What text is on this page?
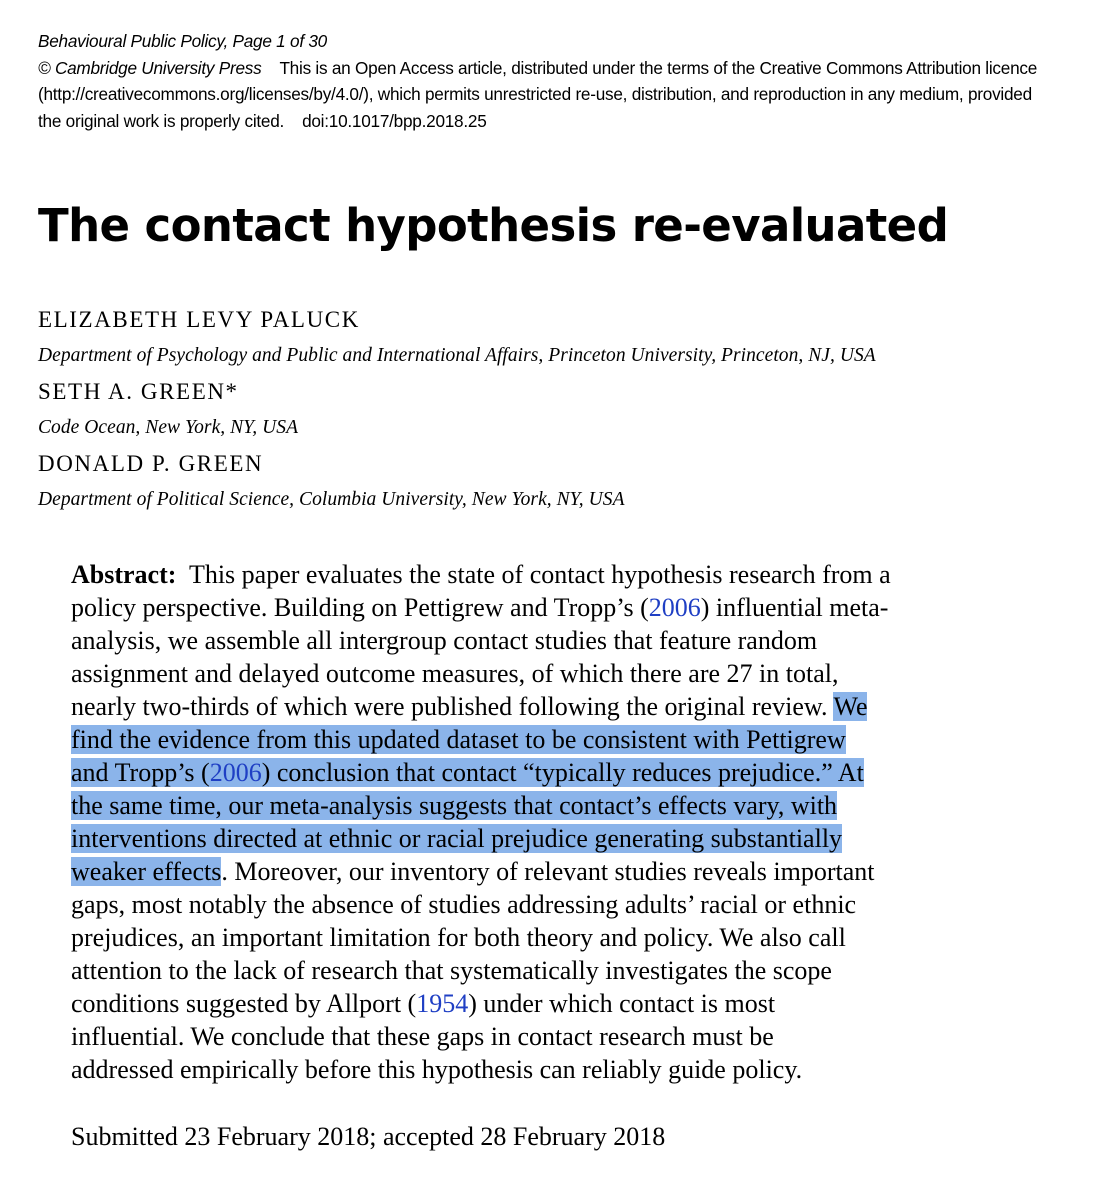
Behavioural Public Policy, Page 1 of 30
© Cambridge University Press This is an Open Access article, distributed under the terms of the Creative Commons Attribution licence
(http://creativecommons.org/licenses/by/4.0/), which permits unrestricted re-use, distribution, and reproduction in any medium, provided
the original work is properly cited. doi:10.1017/bpp.2018.25
The contact hypothesis re-evaluated
ELIZABETH LEVY PALUCK
Department of Psychology and Public and International Affairs, Princeton University, Princeton, NJ, USA
SETH A. GREEN*
Code Ocean, New York, NY, USA
DONALD P. GREEN
Department of Political Science, Columbia University, New York, NY, USA
Abstract: This paper evaluates the state of contact hypothesis research from a
policy perspective. Building on Pettigrew and Tropp’s (2006) influential meta-
analysis, we assemble all intergroup contact studies that feature random
assignment and delayed outcome measures, of which there are 27 in total,
nearly two-thirds of which were published following the original review. We
find the evidence from this updated dataset to be consistent with Pettigrew
and Tropp’s (2006) conclusion that contact “typically reduces prejudice.” At
the same time, our meta-analysis suggests that contact’s effects vary, with
interventions directed at ethnic or racial prejudice generating substantially
weaker effects. Moreover, our inventory of relevant studies reveals important
gaps, most notably the absence of studies addressing adults’ racial or ethnic
prejudices, an important limitation for both theory and policy. We also call
attention to the lack of research that systematically investigates the scope
conditions suggested by Allport (1954) under which contact is most
influential. We conclude that these gaps in contact research must be
addressed empirically before this hypothesis can reliably guide policy.
Submitted 23 February 2018; accepted 28 February 2018
